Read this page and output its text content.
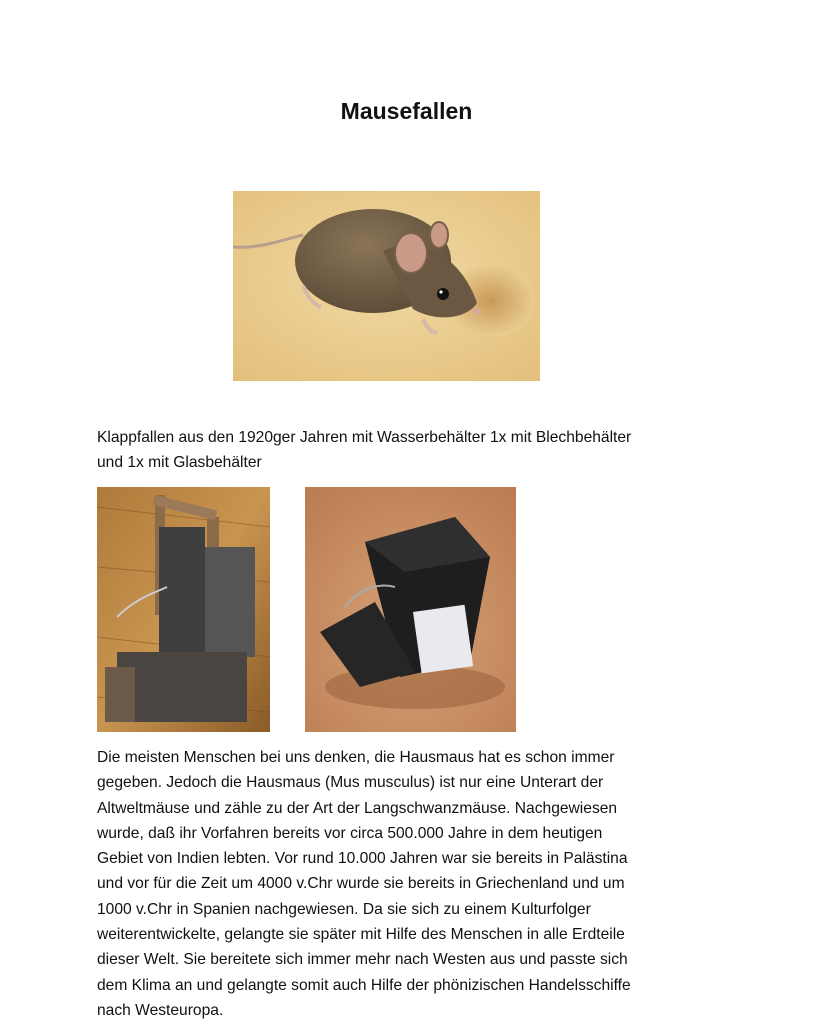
Mausefallen
Klappfallen aus den 1920ger Jahren mit Wasserbehälter 1x mit Blechbehälter
und 1x mit Glasbehälter
Die meisten Menschen bei uns denken, die Hausmaus hat es schon immer
gegeben. Jedoch die Hausmaus (Mus musculus) ist nur eine Unterart der
Altweltmäuse und zähle zu der Art der Langschwanzmäuse. Nachgewiesen
wurde, daß ihr Vorfahren bereits vor circa 500.000 Jahre in dem heutigen
Gebiet von Indien lebten. Vor rund 10.000 Jahren war sie bereits in Palästina
und vor für die Zeit um 4000 v.Chr wurde sie bereits in Griechenland und um
1000 v.Chr in Spanien nachgewiesen. Da sie sich zu einem Kulturfolger
weiterentwickelte, gelangte sie später mit Hilfe des Menschen in alle Erdteile
dieser Welt. Sie bereitete sich immer mehr nach Westen aus und passte sich
dem Klima an und gelangte somit auch Hilfe der phönizischen Handelsschiffe
nach Westeuropa.
